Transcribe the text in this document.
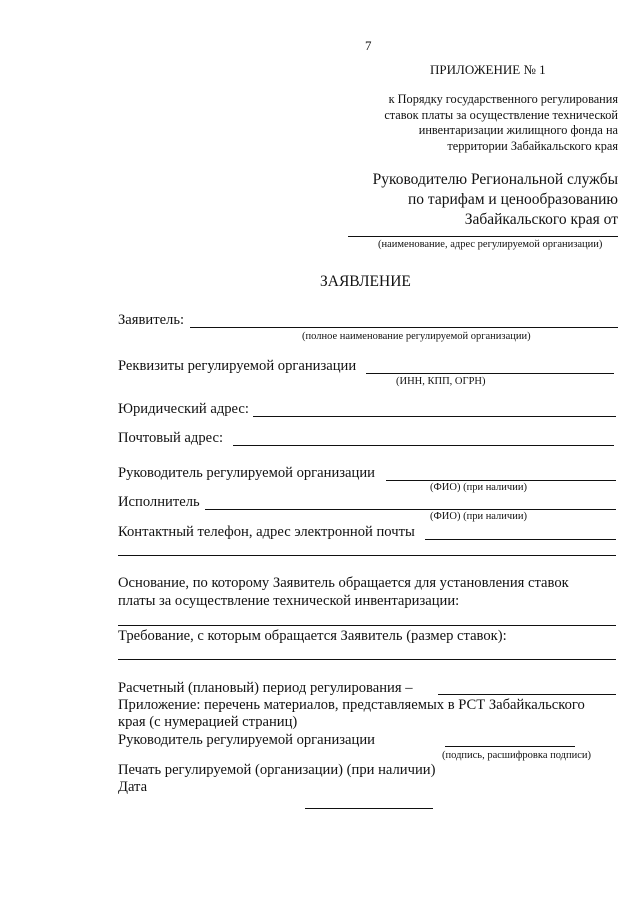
7
ПРИЛОЖЕНИЕ № 1
к Порядку государственного регулирования ставок платы за осуществление технической инвентаризации жилищного фонда на территории Забайкальского края
Руководителю Региональной службы
по тарифам и ценообразованию
Забайкальского края от
(наименование, адрес регулируемой организации)
ЗАЯВЛЕНИЕ
Заявитель:
(полное наименование регулируемой организации)
Реквизиты регулируемой организации
(ИНН, КПП, ОГРН)
Юридический адрес:
Почтовый адрес:
Руководитель регулируемой организации
(ФИО) (при наличии)
Исполнитель
(ФИО) (при наличии)
Контактный телефон, адрес электронной почты
Основание, по которому Заявитель обращается для установления ставок
платы за осуществление технической инвентаризации:
Требование, с которым обращается Заявитель (размер ставок):
Расчетный (плановый) период регулирования –
Приложение: перечень материалов, представляемых в РСТ Забайкальского
края (с нумерацией страниц)
Руководитель регулируемой организации
(подпись, расшифровка подписи)
Печать регулируемой (организации) (при наличии)
Дата
